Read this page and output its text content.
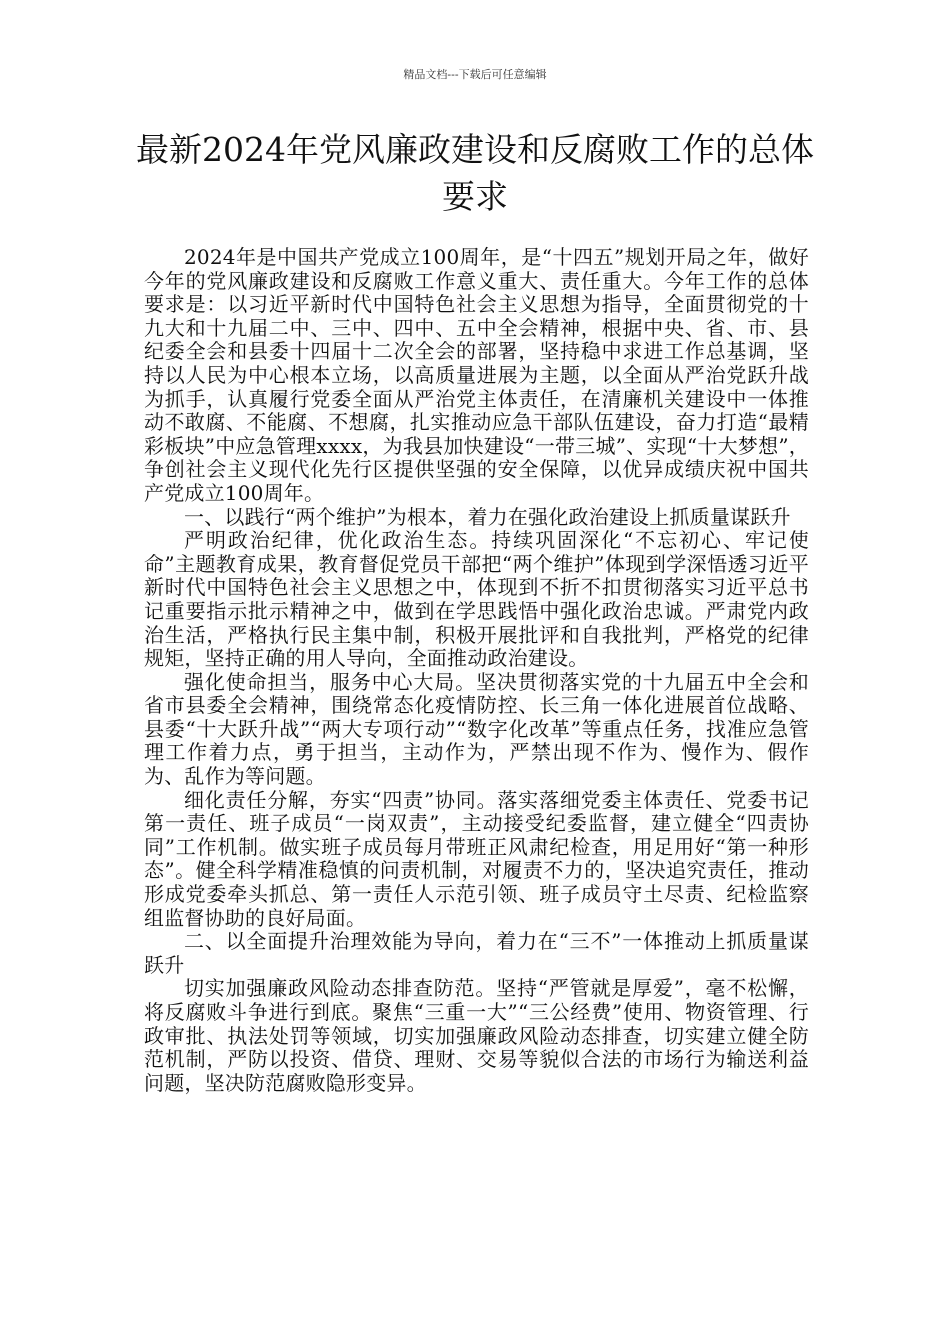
精品文档---下载后可任意编辑
最新2024年党风廉政建设和反腐败工作的总体要求

2024年是中国共产党成立100周年，是“十四五”规划开局之年，做好今年的党风廉政建设和反腐败工作意义重大、责任重大。今年工作的总体要求是：以习近平新时代中国特色社会主义思想为指导，全面贯彻党的十九大和十九届二中、三中、四中、五中全会精神，根据中央、省、市、县纪委全会和县委十四届十二次全会的部署，坚持稳中求进工作总基调，坚持以人民为中心根本立场，以高质量进展为主题，以全面从严治党跃升战为抓手，认真履行党委全面从严治党主体责任，在清廉机关建设中一体推动不敢腐、不能腐、不想腐，扎实推动应急干部队伍建设，奋力打造“最精彩板块”中应急管理xxxx，为我县加快建设“一带三城”、实现“十大梦想”，争创社会主义现代化先行区提供坚强的安全保障，以优异成绩庆祝中国共产党成立100周年。

一、以践行“两个维护”为根本，着力在强化政治建设上抓质量谋跃升

严明政治纪律，优化政治生态。持续巩固深化“不忘初心、牢记使命”主题教育成果，教育督促党员干部把“两个维护”体现到学深悟透习近平新时代中国特色社会主义思想之中，体现到不折不扣贯彻落实习近平总书记重要指示批示精神之中，做到在学思践悟中强化政治忠诚。严肃党内政治生活，严格执行民主集中制，积极开展批评和自我批判，严格党的纪律规矩，坚持正确的用人导向，全面推动政治建设。

强化使命担当，服务中心大局。坚决贯彻落实党的十九届五中全会和省市县委全会精神，围绕常态化疫情防控、长三角一体化进展首位战略、县委“十大跃升战”“两大专项行动”“数字化改革”等重点任务，找准应急管理工作着力点，勇于担当，主动作为，严禁出现不作为、慢作为、假作为、乱作为等问题。

细化责任分解，夯实“四责”协同。落实落细党委主体责任、党委书记第一责任、班子成员“一岗双责”，主动接受纪委监督，建立健全“四责协同”工作机制。做实班子成员每月带班正风肃纪检查，用足用好“第一种形态”。健全科学精准稳慎的问责机制，对履责不力的，坚决追究责任，推动形成党委牵头抓总、第一责任人示范引领、班子成员守土尽责、纪检监察组监督协助的良好局面。

二、以全面提升治理效能为导向，着力在“三不”一体推动上抓质量谋跃升

切实加强廉政风险动态排查防范。坚持“严管就是厚爱”，毫不松懈，将反腐败斗争进行到底。聚焦“三重一大”“三公经费”使用、物资管理、行政审批、执法处罚等领域，切实加强廉政风险动态排查，切实建立健全防范机制，严防以投资、借贷、理财、交易等貌似合法的市场行为输送利益问题，坚决防范腐败隐形变异。
